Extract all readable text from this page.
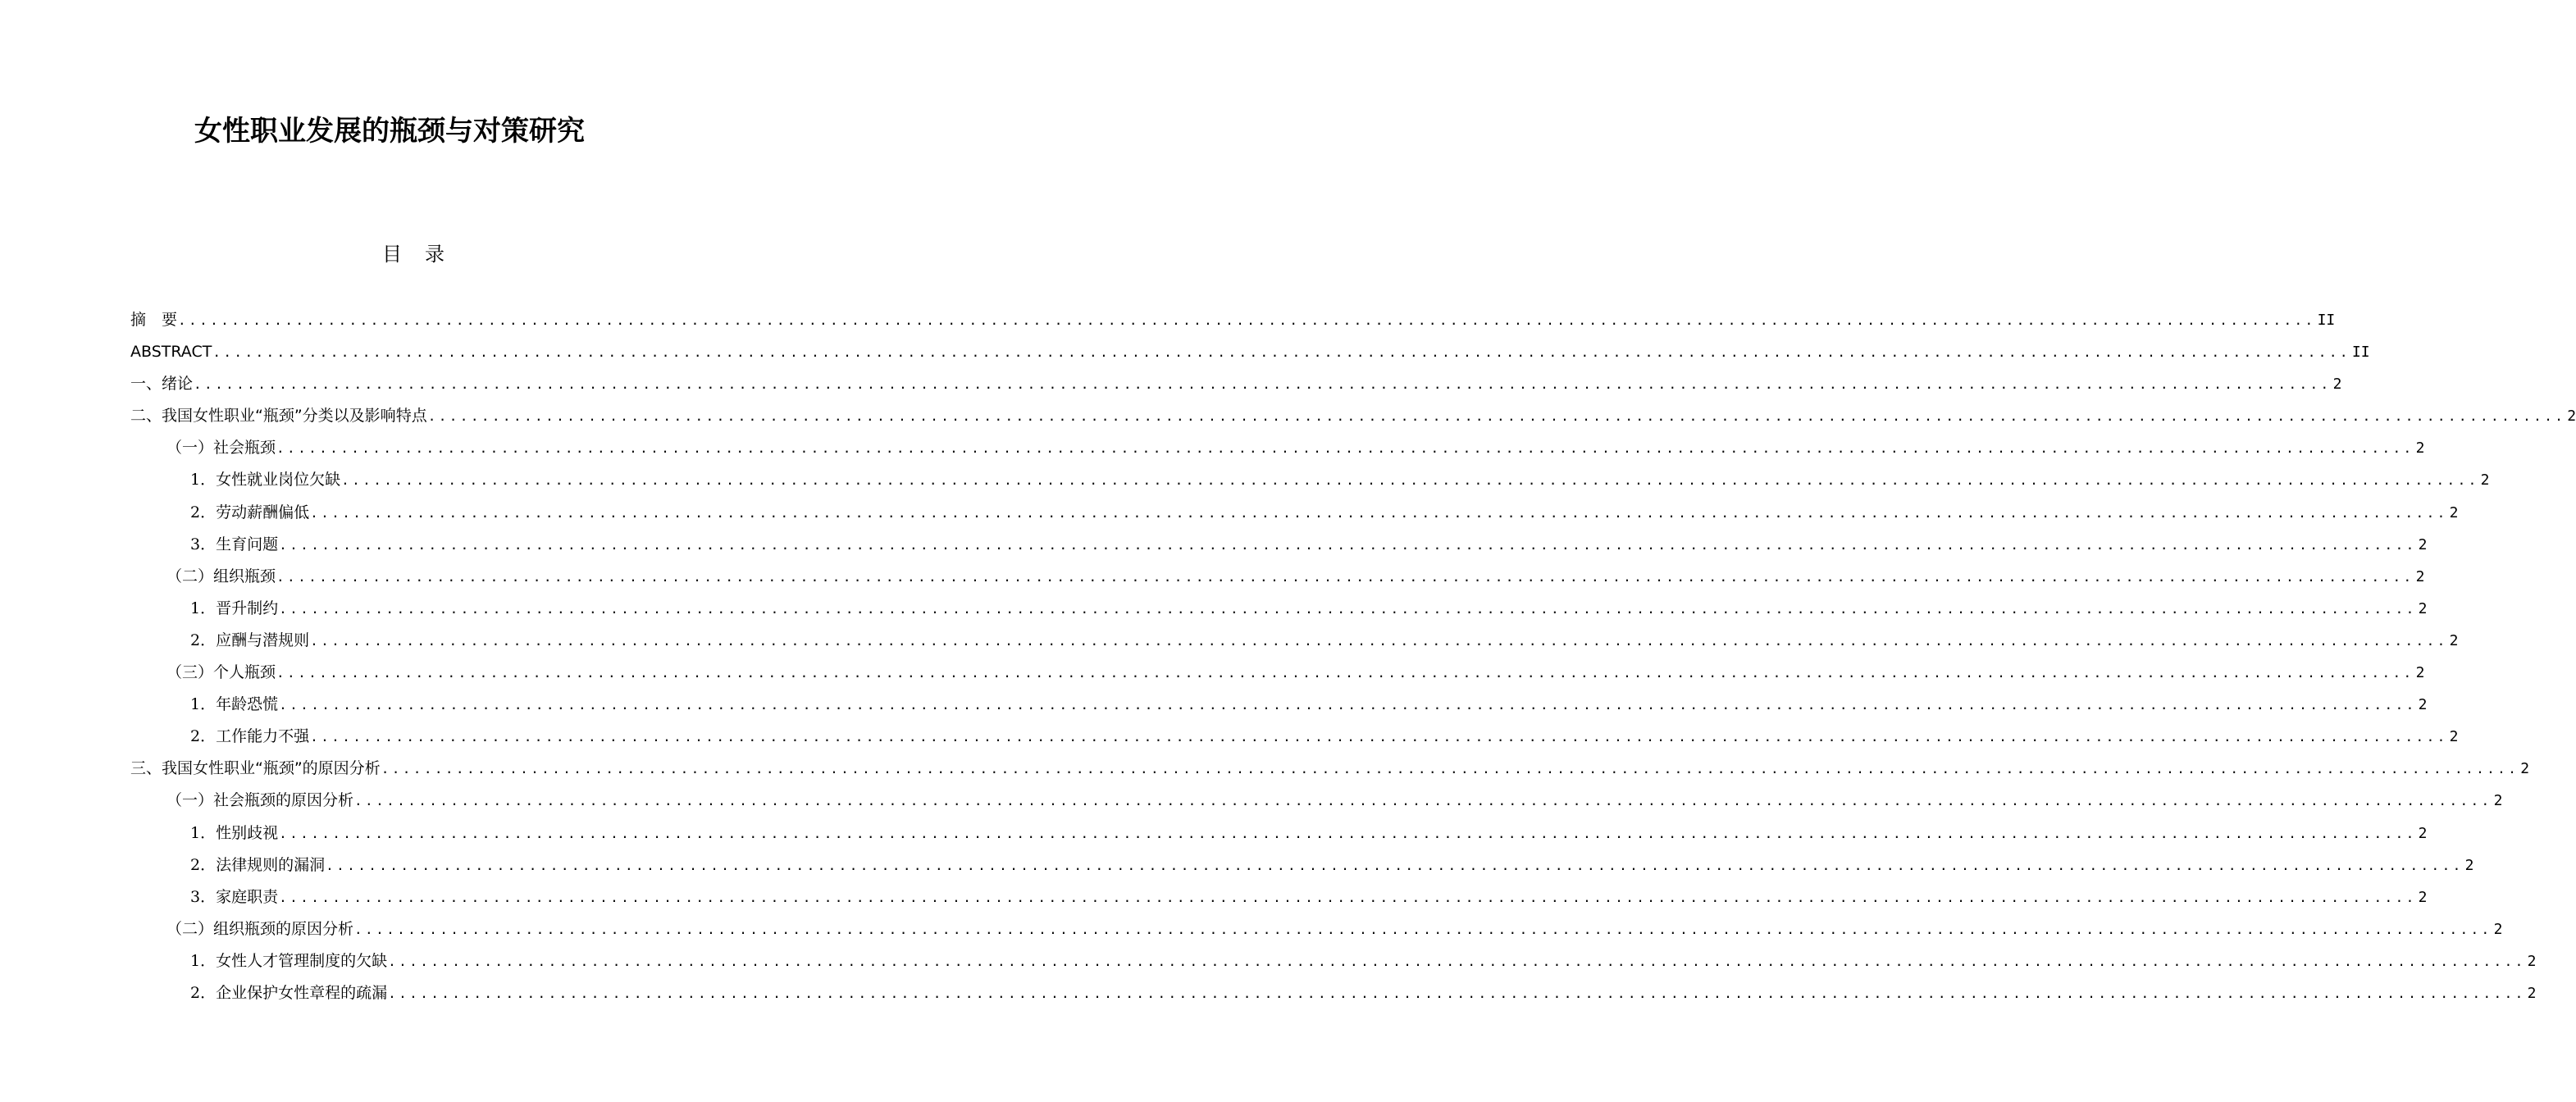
女性职业发展的瓶颈与对策研究
目录
摘　要 ........................................................................................................................................................................................................ II
ABSTRACT ........................................................................................................................................................................................................ II
一、绪论 ........................................................................................................................................................................................................ 2
二、我国女性职业“瓶颈”分类以及影响特点 ........................................................................................................................................................................................................ 2
（一）社会瓶颈 ........................................................................................................................................................................................................ 2
1．女性就业岗位欠缺 ........................................................................................................................................................................................................ 2
2．劳动薪酬偏低 ........................................................................................................................................................................................................ 2
3．生育问题 ........................................................................................................................................................................................................ 2
（二）组织瓶颈 ........................................................................................................................................................................................................ 2
1．晋升制约 ........................................................................................................................................................................................................ 2
2．应酬与潜规则 ........................................................................................................................................................................................................ 2
（三）个人瓶颈 ........................................................................................................................................................................................................ 2
1．年龄恐慌 ........................................................................................................................................................................................................ 2
2．工作能力不强 ........................................................................................................................................................................................................ 2
三、我国女性职业“瓶颈”的原因分析 ........................................................................................................................................................................................................ 2
（一）社会瓶颈的原因分析 ........................................................................................................................................................................................................ 2
1．性别歧视 ........................................................................................................................................................................................................ 2
2．法律规则的漏洞 ........................................................................................................................................................................................................ 2
3．家庭职责 ........................................................................................................................................................................................................ 2
（二）组织瓶颈的原因分析 ........................................................................................................................................................................................................ 2
1．女性人才管理制度的欠缺 ........................................................................................................................................................................................................ 2
2．企业保护女性章程的疏漏 ........................................................................................................................................................................................................ 2
